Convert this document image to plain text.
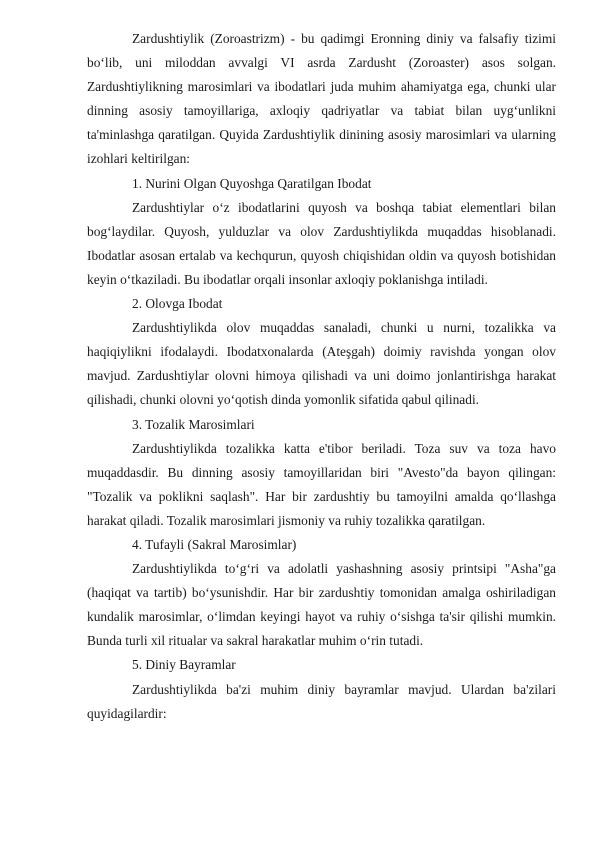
Zardushtiylik (Zoroastrizm) - bu qadimgi Eronning diniy va falsafiy tizimi bo‘lib, uni miloddan avvalgi VI asrda Zardusht (Zoroaster) asos solgan. Zardushtiylikning marosimlari va ibodatlari juda muhim ahamiyatga ega, chunki ular dinning asosiy tamoyillariga, axloqiy qadriyatlar va tabiat bilan uyg‘unlikni ta'minlashga qaratilgan. Quyida Zardushtiylik dinining asosiy marosimlari va ularning izohlari keltirilgan:

1. Nurini Olgan Quyoshga Qaratilgan Ibodat

Zardushtiylar o‘z ibodatlarini quyosh va boshqa tabiat elementlari bilan bog‘laydilar. Quyosh, yulduzlar va olov Zardushtiylikda muqaddas hisoblanadi. Ibodatlar asosan ertalab va kechqurun, quyosh chiqishidan oldin va quyosh botishidan keyin o‘tkaziladi. Bu ibodatlar orqali insonlar axloqiy poklanishga intiladi.

2. Olovga Ibodat

Zardushtiylikda olov muqaddas sanaladi, chunki u nurni, tozalikka va haqiqiylikni ifodalaydi. Ibodatxonalarda (Ateşgah) doimiy ravishda yongan olov mavjud. Zardushtiylar olovni himoya qilishadi va uni doimo jonlantirishga harakat qilishadi, chunki olovni yo‘qotish dinda yomonlik sifatida qabul qilinadi.

3. Tozalik Marosimlari

Zardushtiylikda tozalikka katta e'tibor beriladi. Toza suv va toza havo muqaddasdir. Bu dinning asosiy tamoyillaridan biri "Avesto"da bayon qilingan: "Tozalik va poklikni saqlash". Har bir zardushtiy bu tamoyilni amalda qo‘llashga harakat qiladi. Tozalik marosimlari jismoniy va ruhiy tozalikka qaratilgan.

4. Tufayli (Sakral Marosimlar)

Zardushtiylikda to‘g‘ri va adolatli yashashning asosiy printsipi "Asha"ga (haqiqat va tartib) bo‘ysunishdir. Har bir zardushtiy tomonidan amalga oshiriladigan kundalik marosimlar, o‘limdan keyingi hayot va ruhiy o‘sishga ta'sir qilishi mumkin. Bunda turli xil ritualar va sakral harakatlar muhim o‘rin tutadi.

5. Diniy Bayramlar

Zardushtiylikda ba'zi muhim diniy bayramlar mavjud. Ulardan ba'zilari quyidagilardir:
